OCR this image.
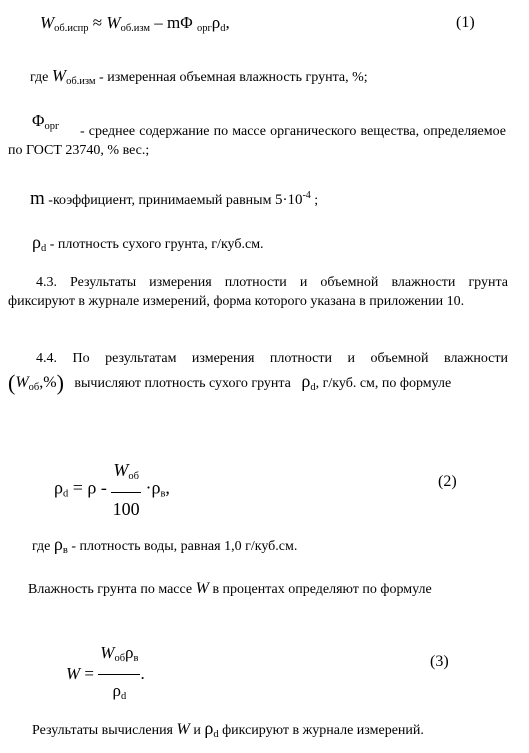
$W_{об.испр} \approx W_{об.изм} - m\Phi$ $_{орг}\rho_d$,	(1)
где $W_{об.изм}$ - измеренная объемная влажность грунта, %;
$\Phi_{орг}$	- среднее содержание по массе органического вещества, определяемое по ГОСТ 23740, % вес.;
m -коэффициент, принимаемый равным $5\cdot 10^{-4}$ ;
$\rho_d$ - плотность сухого грунта, г/куб.см.
4.3. Результаты измерения плотности и объемной влажности грунта фиксируют в журнале измерений, форма которого указана в приложении 10.
4.4. По результатам измерения плотности и объемной влажности
$(W_{об},\%)$ вычисляют плотность сухого грунта $\rho_d$, г/куб. см, по формуле
$\rho_d = \rho - \frac{W_{об}}{100} \cdot\rho_в$,	(2)
где $\rho_в$ - плотность воды, равная 1,0 г/куб.см.
Влажность грунта по массе W в процентах определяют по формуле
$W = \frac{W_{об}\rho_в}{\rho_d}$ .
(3)
Результаты вычисления W и $\rho_d$ фиксируют в журнале измерений.
